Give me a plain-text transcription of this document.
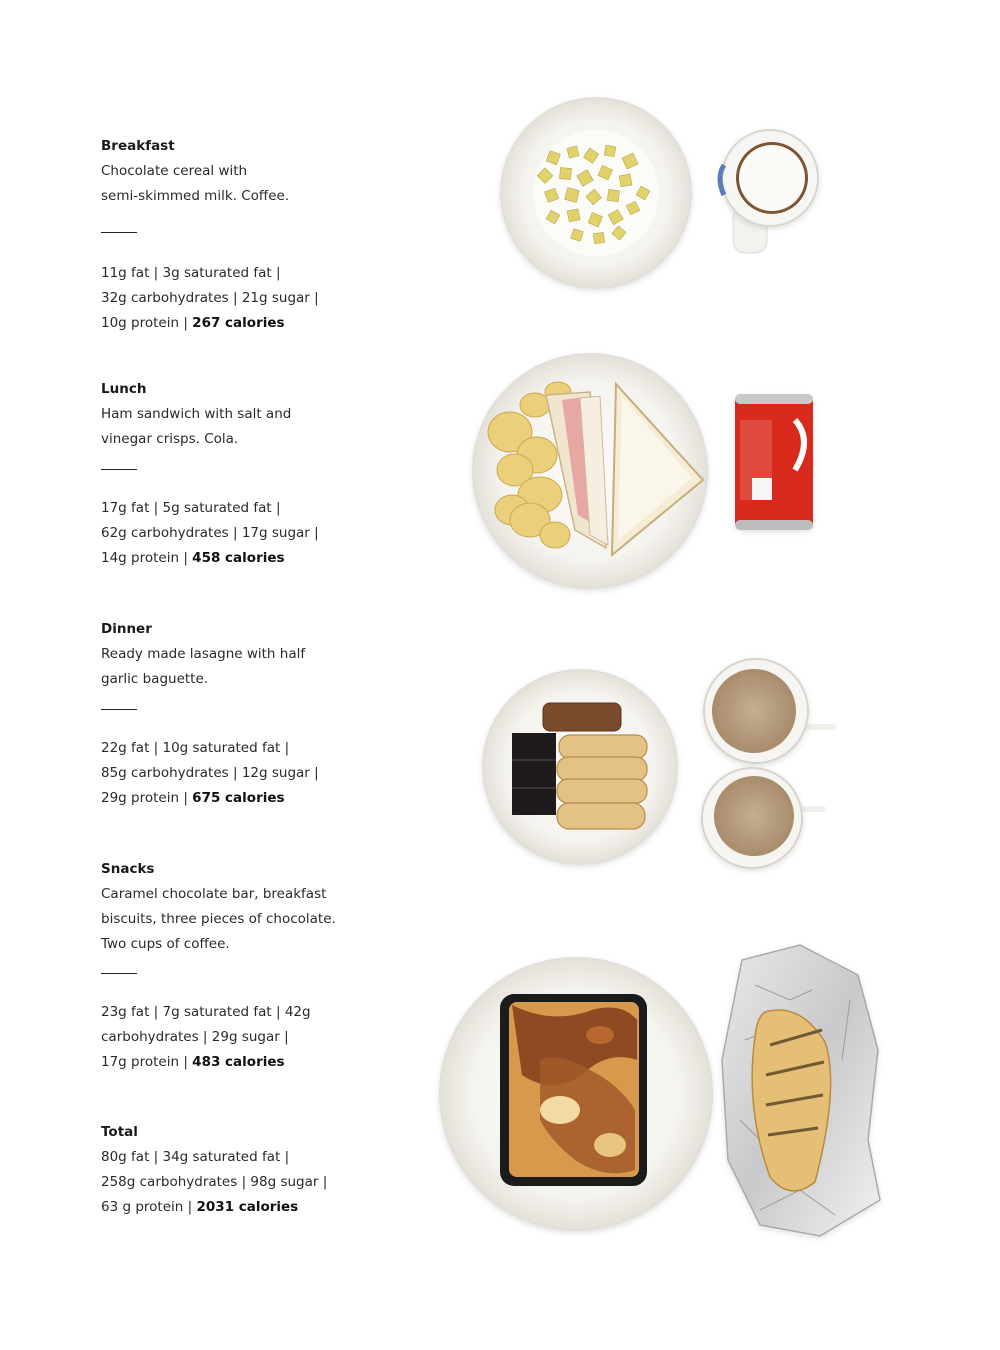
Breakfast

Chocolate cereal with
semi-skimmed milk. Coffee.

11g fat | 3g saturated fat |
32g carbohydrates | 21g sugar |
10g protein | 267 calories

Lunch

Ham sandwich with salt and
vinegar crisps. Cola.

17g fat | 5g saturated fat |
62g carbohydrates | 17g sugar |
14g protein | 458 calories

Dinner

Ready made lasagne with half
garlic baguette.

22g fat | 10g saturated fat |
85g carbohydrates | 12g sugar |
29g protein | 675 calories

Snacks

Caramel chocolate bar, breakfast
biscuits, three pieces of chocolate.
Two cups of coffee.

23g fat | 7g saturated fat | 42g
carbohydrates | 29g sugar |
17g protein | 483 calories

Total

80g fat | 34g saturated fat |
258g carbohydrates | 98g sugar |
63 g protein | 2031 calories
